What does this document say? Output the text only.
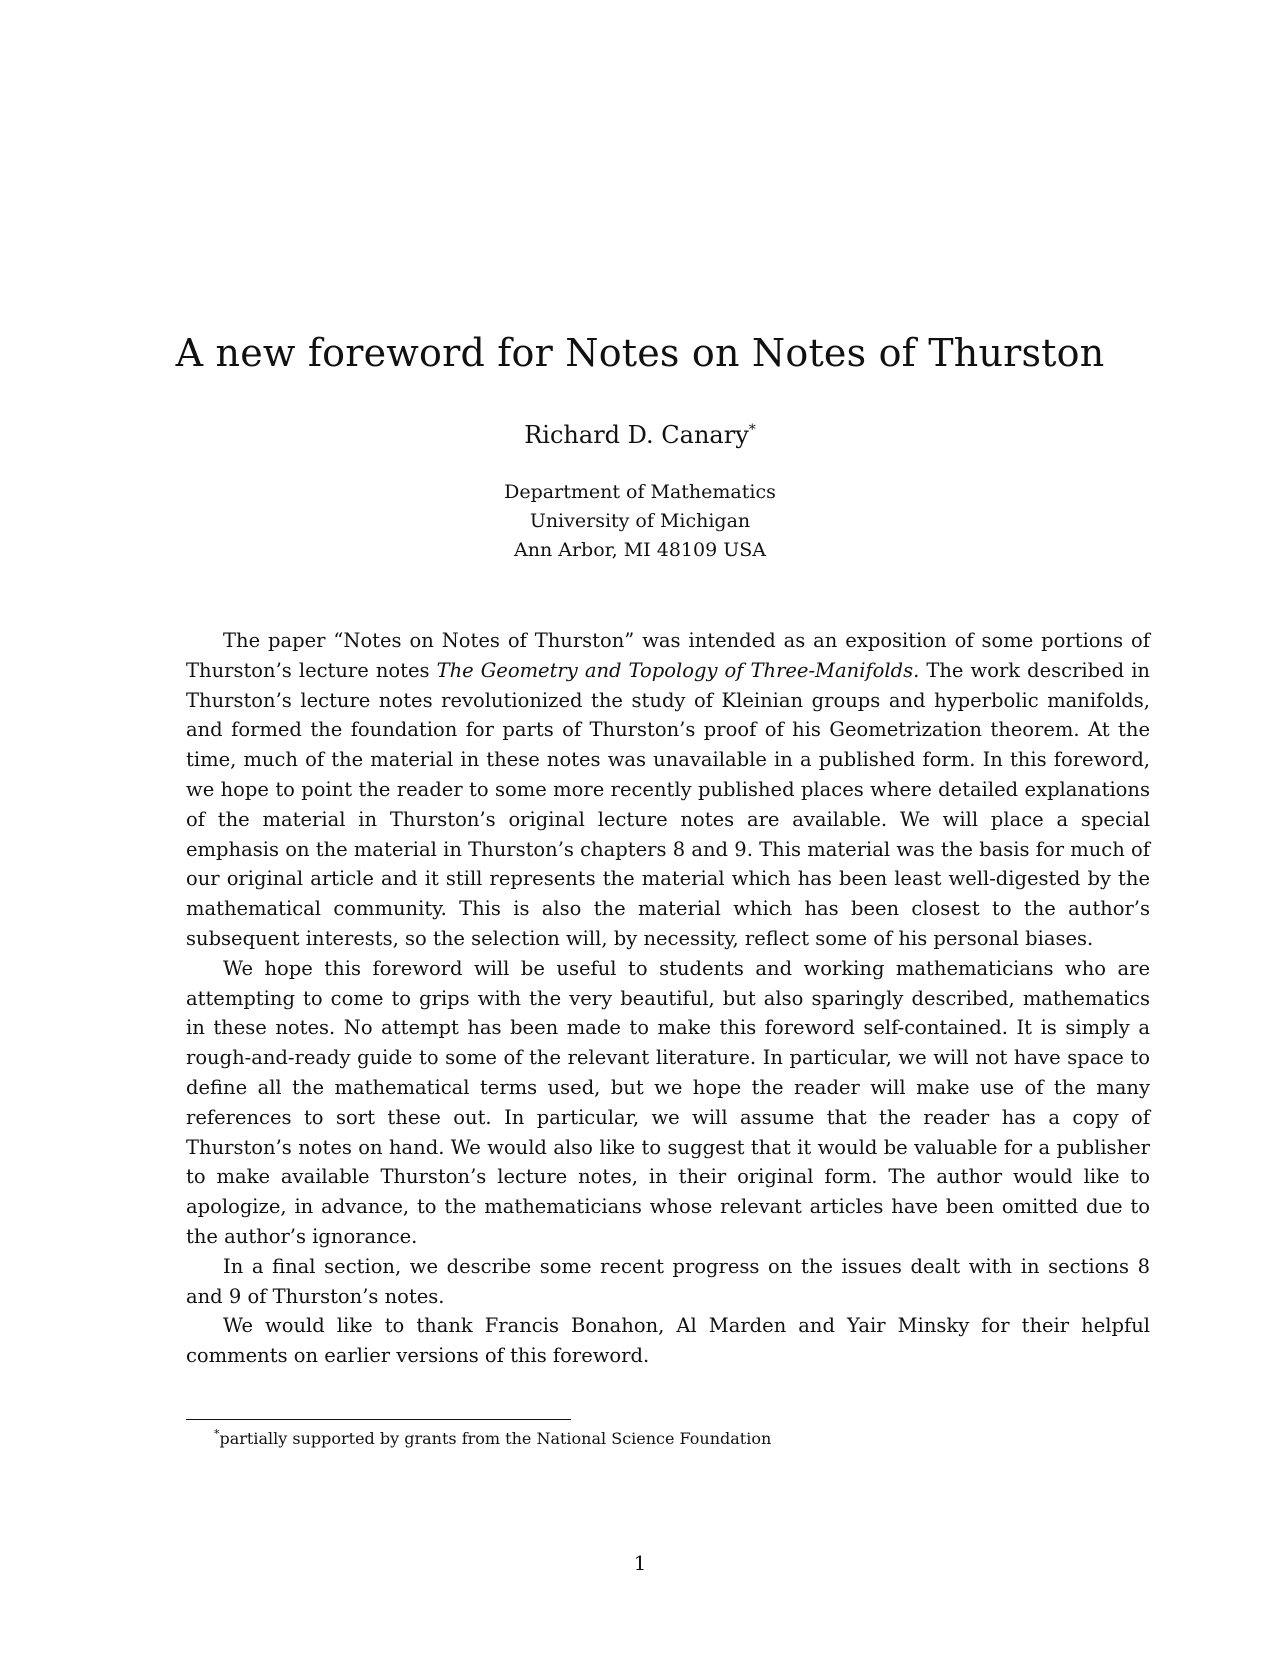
A new foreword for Notes on Notes of Thurston
Richard D. Canary*
Department of Mathematics
University of Michigan
Ann Arbor, MI 48109 USA

The paper “Notes on Notes of Thurston” was intended as an exposition of some portions of Thurston’s lecture notes The Geometry and Topology of Three-Manifolds. The work described in Thurston’s lecture notes revolutionized the study of Kleinian groups and hyperbolic manifolds, and formed the foundation for parts of Thurston’s proof of his Geometrization theorem. At the time, much of the material in these notes was unavailable in a published form. In this foreword, we hope to point the reader to some more recently published places where detailed explanations of the material in Thurston’s original lecture notes are available. We will place a special emphasis on the material in Thurston’s chapters 8 and 9. This material was the basis for much of our original article and it still represents the material which has been least well-digested by the mathematical community. This is also the material which has been closest to the author’s subsequent interests, so the selection will, by necessity, reflect some of his personal biases.

We hope this foreword will be useful to students and working mathematicians who are attempting to come to grips with the very beautiful, but also sparingly described, mathematics in these notes. No attempt has been made to make this foreword self-contained. It is simply a rough-and-ready guide to some of the relevant literature. In particular, we will not have space to define all the mathematical terms used, but we hope the reader will make use of the many references to sort these out. In particular, we will assume that the reader has a copy of Thurston’s notes on hand. We would also like to suggest that it would be valuable for a publisher to make available Thurston’s lecture notes, in their original form. The author would like to apologize, in advance, to the mathematicians whose relevant articles have been omitted due to the author’s ignorance.

In a final section, we describe some recent progress on the issues dealt with in sections 8 and 9 of Thurston’s notes.

We would like to thank Francis Bonahon, Al Marden and Yair Minsky for their helpful comments on earlier versions of this foreword.

*partially supported by grants from the National Science Foundation
1
